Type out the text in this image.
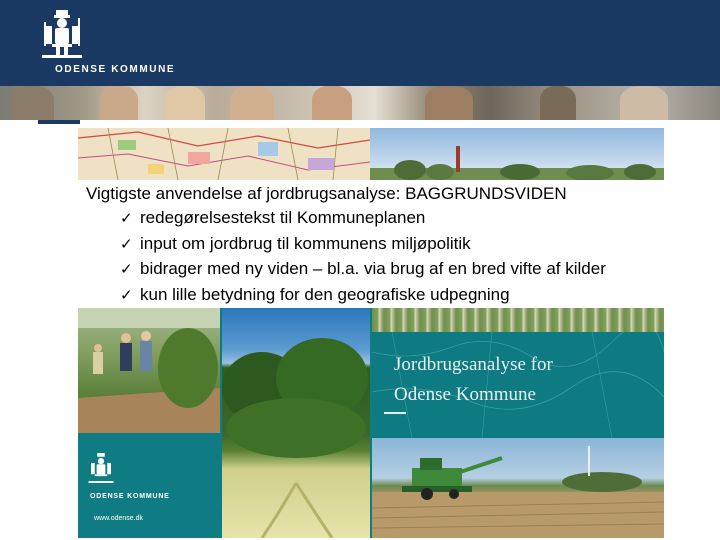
ODENSE KOMMUNE
Vigtigste anvendelse af jordbrugsanalyse: BAGGRUNDSVIDEN
✓ redegørelsestekst til Kommuneplanen
✓ input om jordbrug til kommunens miljøpolitik
✓ bidrager med ny viden – bl.a. via brug af en bred vifte af kilder
✓ kun lille betydning for den geografiske udpegning
Jordbrugsanalyse for
Odense Kommune
ODENSE KOMMUNE
www.odense.dk
